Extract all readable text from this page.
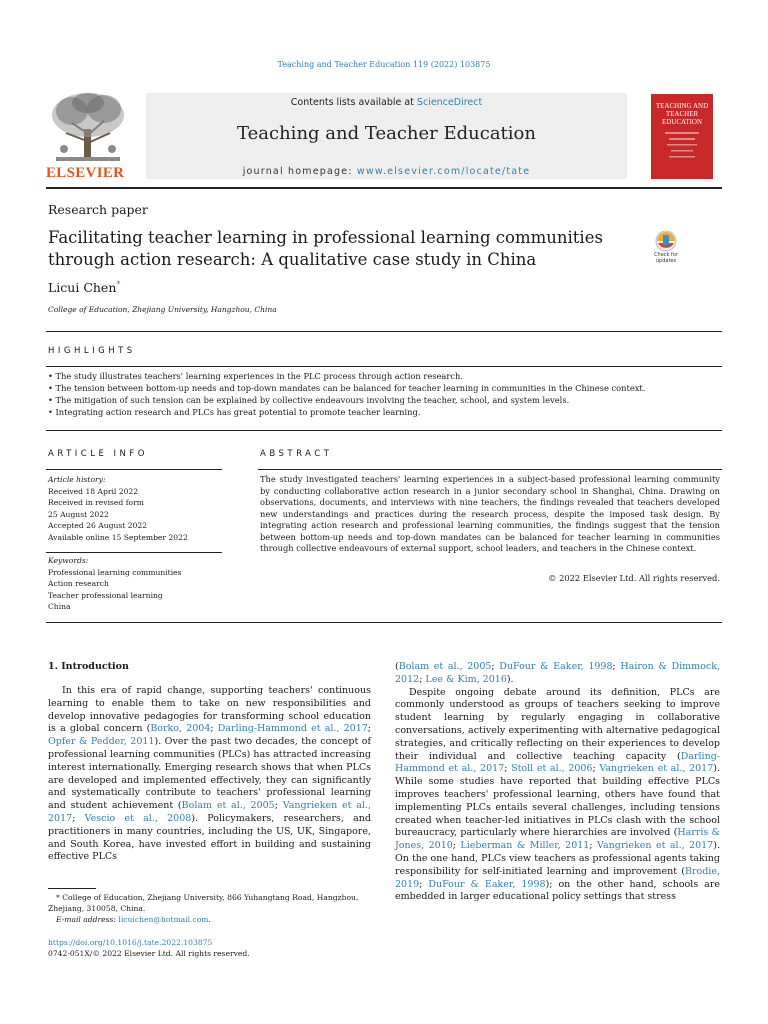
Teaching and Teacher Education 119 (2022) 103875
ELSEVIER
Contents lists available at ScienceDirect
Teaching and Teacher Education
journal homepage: www.elsevier.com/locate/tate
TEACHING AND TEACHER EDUCATION
Research paper
Facilitating teacher learning in professional learning communities through action research: A qualitative case study in China	Check for updates
Licui Chen*
College of Education, Zhejiang University, Hangzhou, China
HIGHLIGHTS
• The study illustrates teachers' learning experiences in the PLC process through action research.
• The tension between bottom-up needs and top-down mandates can be balanced for teacher learning in communities in the Chinese context.
• The mitigation of such tension can be explained by collective endeavours involving the teacher, school, and system levels.
• Integrating action research and PLCs has great potential to promote teacher learning.
ARTICLE INFO
Article history:
Received 18 April 2022
Received in revised form
25 August 2022
Accepted 26 August 2022
Available online 15 September 2022
Keywords:
Professional learning communities
Action research
Teacher professional learning
China
ABSTRACT
The study investigated teachers' learning experiences in a subject-based professional learning community by conducting collaborative action research in a junior secondary school in Shanghai, China. Drawing on observations, documents, and interviews with nine teachers, the findings revealed that teachers developed new understandings and practices during the research process, despite the imposed task design. By integrating action research and professional learning communities, the findings suggest that the tension between bottom-up needs and top-down mandates can be balanced for teacher learning in communities through collective endeavours of external support, school leaders, and teachers in the Chinese context.
© 2022 Elsevier Ltd. All rights reserved.
1. Introduction

In this era of rapid change, supporting teachers' continuous learning to enable them to take on new responsibilities and develop innovative pedagogies for transforming school education is a global concern (Borko, 2004; Darling-Hammond et al., 2017; Opfer & Pedder, 2011). Over the past two decades, the concept of professional learning communities (PLCs) has attracted increasing interest internationally. Emerging research shows that when PLCs are developed and implemented effectively, they can significantly and systematically contribute to teachers' professional learning and student achievement (Bolam et al., 2005; Vangrieken et al., 2017; Vescio et al., 2008). Policymakers, researchers, and practitioners in many countries, including the US, UK, Singapore, and South Korea, have invested effort in building and sustaining effective PLCs

(Bolam et al., 2005; DuFour & Eaker, 1998; Hairon & Dimmock, 2012; Lee & Kim, 2016).

Despite ongoing debate around its definition, PLCs are commonly understood as groups of teachers seeking to improve student learning by regularly engaging in collaborative conversations, actively experimenting with alternative pedagogical strategies, and critically reflecting on their experiences to develop their individual and collective teaching capacity (Darling-Hammond et al., 2017; Stoll et al., 2006; Vangrieken et al., 2017). While some studies have reported that building effective PLCs improves teachers' professional learning, others have found that implementing PLCs entails several challenges, including tensions created when teacher-led initiatives in PLCs clash with the school bureaucracy, particularly where hierarchies are involved (Harris & Jones, 2010; Lieberman & Miller, 2011; Vangrieken et al., 2017). On the one hand, PLCs view teachers as professional agents taking responsibility for self-initiated learning and improvement (Brodie, 2019; DuFour & Eaker, 1998); on the other hand, schools are embedded in larger educational policy settings that stress

* College of Education, Zhejiang University, 866 Yuhangtang Road, Hangzhou, Zhejiang, 310058, China.
E-mail address: licuichen@hotmail.com.
https://doi.org/10.1016/j.tate.2022.103875
0742-051X/© 2022 Elsevier Ltd. All rights reserved.
